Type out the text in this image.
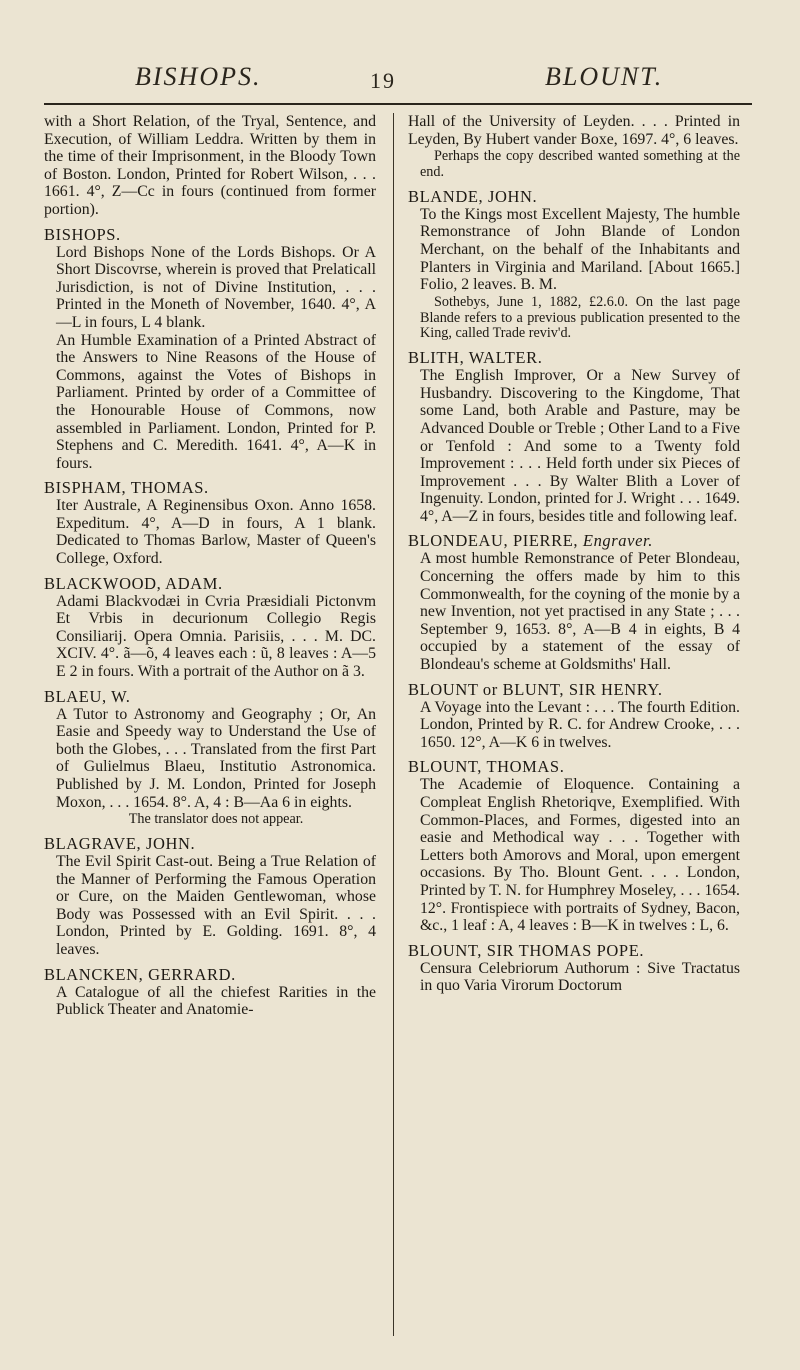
BISHOPS.	19	BLOUNT.
with a Short Relation, of the Tryal, Sentence, and Execution, of William Leddra. Written by them in the time of their Imprisonment, in the Bloody Town of Boston. London, Printed for Robert Wilson, . . . 1661. 4°, Z—Cc in fours (continued from former portion).
BISHOPS.
Lord Bishops None of the Lords Bishops. Or A Short Discovrse, wherein is proved that Prelaticall Jurisdiction, is not of Divine Institution, . . . Printed in the Moneth of November, 1640. 4°, A—L in fours, L 4 blank.
An Humble Examination of a Printed Abstract of the Answers to Nine Reasons of the House of Commons, against the Votes of Bishops in Parliament. Printed by order of a Committee of the Honourable House of Commons, now assembled in Parliament. London, Printed for P. Stephens and C. Meredith. 1641. 4°, A—K in fours.
BISPHAM, THOMAS.
Iter Australe, A Reginensibus Oxon. Anno 1658. Expeditum. 4°, A—D in fours, A 1 blank. Dedicated to Thomas Barlow, Master of Queen's College, Oxford.
BLACKWOOD, ADAM.
Adami Blackvodæi in Cvria Præsidiali Pictonvm Et Vrbis in decurionum Collegio Regis Consiliarij. Opera Omnia. Parisiis, . . . M. DC. XCIV. 4°. ã—õ, 4 leaves each : ũ, 8 leaves : A—5 E 2 in fours. With a portrait of the Author on ã 3.
BLAEU, W.
A Tutor to Astronomy and Geography ; Or, An Easie and Speedy way to Understand the Use of both the Globes, . . . Translated from the first Part of Gulielmus Blaeu, Institutio Astronomica. Published by J. M. London, Printed for Joseph Moxon, . . . 1654. 8°. A, 4 : B—Aa 6 in eights.
The translator does not appear.
BLAGRAVE, JOHN.
The Evil Spirit Cast-out. Being a True Relation of the Manner of Performing the Famous Operation or Cure, on the Maiden Gentlewoman, whose Body was Possessed with an Evil Spirit. . . . London, Printed by E. Golding. 1691. 8°, 4 leaves.
BLANCKEN, GERRARD.
A Catalogue of all the chiefest Rarities in the Publick Theater and Anatomie-
Hall of the University of Leyden. . . . Printed in Leyden, By Hubert vander Boxe, 1697. 4°, 6 leaves.
Perhaps the copy described wanted something at the end.
BLANDE, JOHN.
To the Kings most Excellent Majesty, The humble Remonstrance of John Blande of London Merchant, on the behalf of the Inhabitants and Planters in Virginia and Mariland. [About 1665.] Folio, 2 leaves. B. M.
Sothebys, June 1, 1882, £2.6.0. On the last page Blande refers to a previous publication presented to the King, called Trade reviv'd.
BLITH, WALTER.
The English Improver, Or a New Survey of Husbandry. Discovering to the Kingdome, That some Land, both Arable and Pasture, may be Advanced Double or Treble ; Other Land to a Five or Tenfold : And some to a Twenty fold Improvement : . . . Held forth under six Pieces of Improvement . . . By Walter Blith a Lover of Ingenuity. London, printed for J. Wright . . . 1649. 4°, A—Z in fours, besides title and following leaf.
BLONDEAU, PIERRE, Engraver.
A most humble Remonstrance of Peter Blondeau, Concerning the offers made by him to this Commonwealth, for the coyning of the monie by a new Invention, not yet practised in any State ; . . . September 9, 1653. 8°, A—B 4 in eights, B 4 occupied by a statement of the essay of Blondeau's scheme at Goldsmiths' Hall.
BLOUNT or BLUNT, SIR HENRY.
A Voyage into the Levant : . . . The fourth Edition. London, Printed by R. C. for Andrew Crooke, . . . 1650. 12°, A—K 6 in twelves.
BLOUNT, THOMAS.
The Academie of Eloquence. Containing a Compleat English Rhetoriqve, Exemplified. With Common-Places, and Formes, digested into an easie and Methodical way . . . Together with Letters both Amorovs and Moral, upon emergent occasions. By Tho. Blount Gent. . . . London, Printed by T. N. for Humphrey Moseley, . . . 1654. 12°. Frontispiece with portraits of Sydney, Bacon, &c., 1 leaf : A, 4 leaves : B—K in twelves : L, 6.
BLOUNT, SIR THOMAS POPE.
Censura Celebriorum Authorum : Sive Tractatus in quo Varia Virorum Doctorum
